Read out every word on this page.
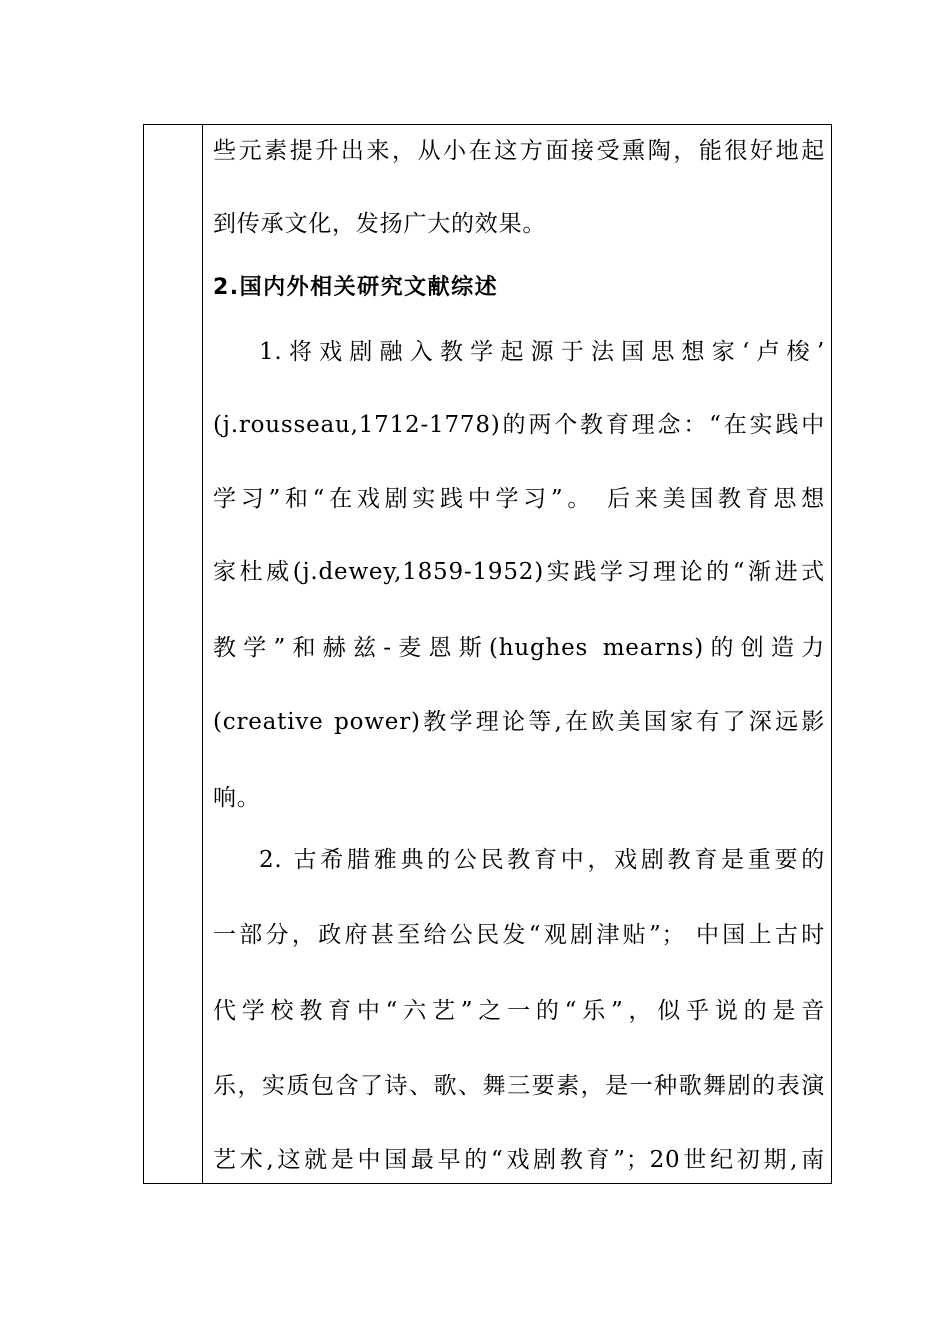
些元素提升出来，从小在这方面接受熏陶，能很好地起
到传承文化，发扬广大的效果。
2.国内外相关研究文献综述
1.将戏剧融入教学起源于法国思想家‘卢梭’
(j.rousseau,1712-1778)的两个教育理念：“在实践中
学习”和“在戏剧实践中学习”。 后来美国教育思想
家杜威(j.dewey,1859-1952)实践学习理论的“渐进式
教学”和赫兹-麦恩斯(hughes mearns)的创造力
(creative power)教学理论等,在欧美国家有了深远影
响。
2. 古希腊雅典的公民教育中，戏剧教育是重要的
一部分，政府甚至给公民发“观剧津贴”； 中国上古时
代学校教育中“六艺”之一的“乐”，似乎说的是音
乐，实质包含了诗、歌、舞三要素，是一种歌舞剧的表演
艺术,这就是中国最早的“戏剧教育”；20世纪初期,南
